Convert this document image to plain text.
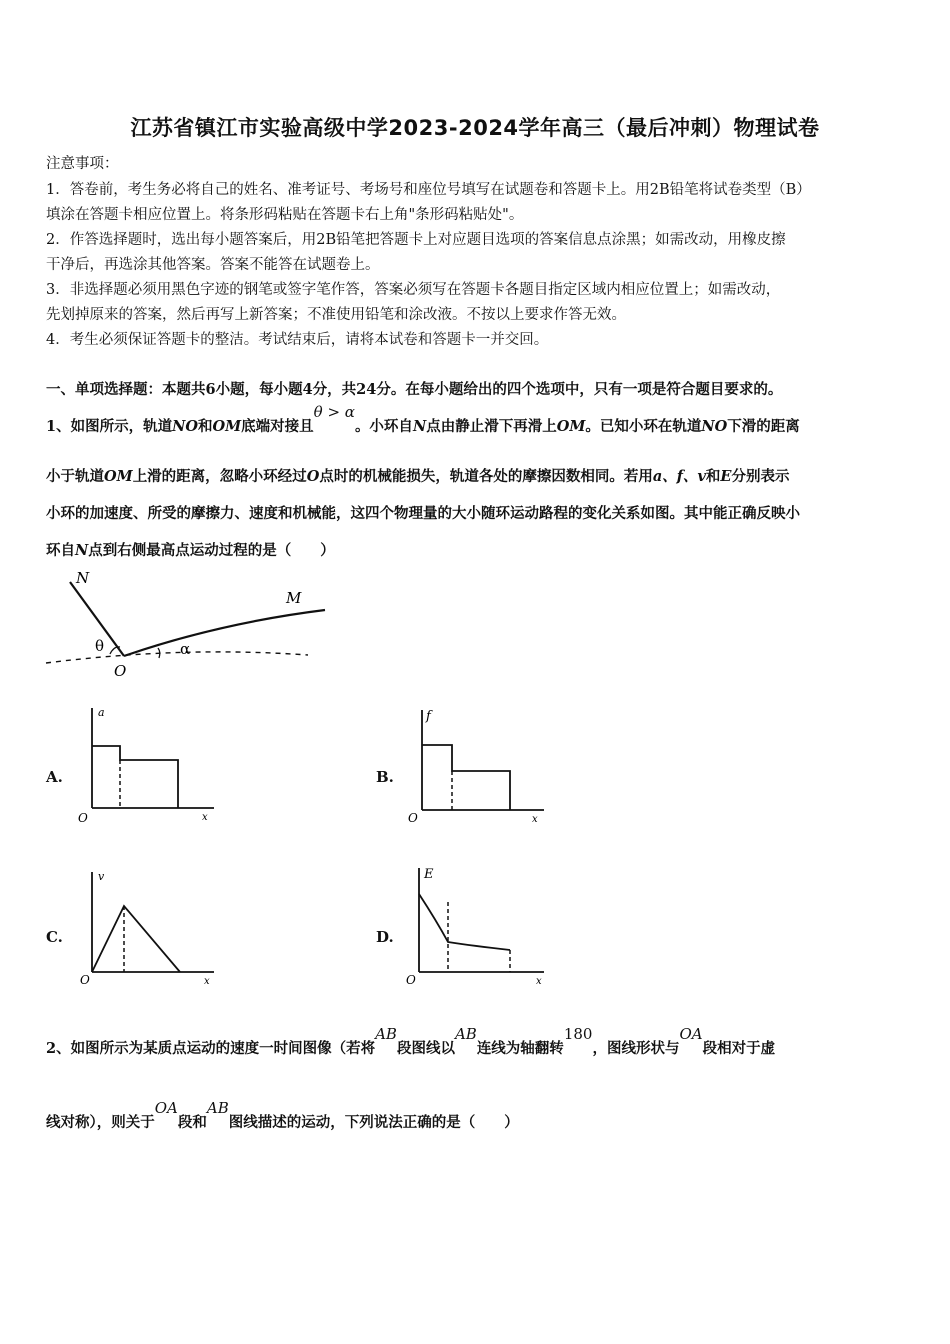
江苏省镇江市实验高级中学2023-2024学年高三（最后冲刺）物理试卷
注意事项：
1．答卷前，考生务必将自己的姓名、准考证号、考场号和座位号填写在试题卷和答题卡上。用2B铅笔将试卷类型（B）
填涂在答题卡相应位置上。将条形码粘贴在答题卡右上角"条形码粘贴处"。
2．作答选择题时，选出每小题答案后，用2B铅笔把答题卡上对应题目选项的答案信息点涂黑；如需改动，用橡皮擦
干净后，再选涂其他答案。答案不能答在试题卷上。
3．非选择题必须用黑色字迹的钢笔或签字笔作答，答案必须写在答题卡各题目指定区域内相应位置上；如需改动，
先划掉原来的答案，然后再写上新答案；不准使用铅笔和涂改液。不按以上要求作答无效。
4．考生必须保证答题卡的整洁。考试结束后，请将本试卷和答题卡一并交回。
一、单项选择题：本题共6小题，每小题4分，共24分。在每小题给出的四个选项中，只有一项是符合题目要求的。
1、如图所示，轨道NO和OM底端对接且θ > α。小环自N点由静止滑下再滑上OM。已知小环在轨道NO下滑的距离
小于轨道OM上滑的距离，忽略小环经过O点时的机械能损失，轨道各处的摩擦因数相同。若用a、f、v和E分别表示
小环的加速度、所受的摩擦力、速度和机械能，这四个物理量的大小随环运动路程的变化关系如图。其中能正确反映小
环自N点到右侧最高点运动过程的是（　　）
N
M
O
θ	α
A.
a
x
O
B.
f
x
O
C.
v
x
O
D.
E
x
O
2、如图所示为某质点运动的速度一时间图像（若将AB段图线以AB连线为轴翻转180，图线形状与OA段相对于虚
线对称），则关于OA段和AB图线描述的运动，下列说法正确的是（　　）
